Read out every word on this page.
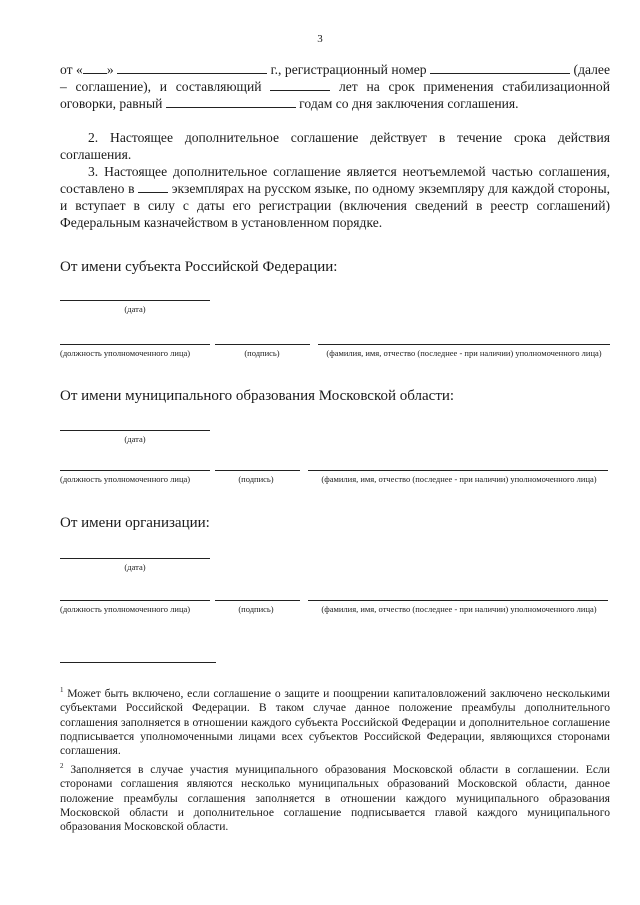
3

от « »	г., регистрационный номер	(далее – соглашение), и составляющий	лет на срок применения стабилизационной оговорки, равный	годам со дня заключения соглашения.

2. Настоящее дополнительное соглашение действует в течение срока действия соглашения.

3. Настоящее дополнительное соглашение является неотъемлемой частью соглашения, составлено в	экземплярах на русском языке, по одному экземпляру для каждой стороны, и вступает в силу с даты его регистрации (включения сведений в реестр соглашений) Федеральным казначейством в установленном порядке.

От имени субъекта Российской Федерации:

(дата)

(должность уполномоченного лица)	(подпись)	(фамилия, имя, отчество (последнее - при наличии) уполномоченного лица)

От имени муниципального образования Московской области:

(дата)

(должность уполномоченного лица)	(подпись)	(фамилия, имя, отчество (последнее - при наличии) уполномоченного лица)

От имени организации:

(дата)

(должность уполномоченного лица)	(подпись)	(фамилия, имя, отчество (последнее - при наличии) уполномоченного лица)

$^1$ Может быть включено, если соглашение о защите и поощрении капиталовложений заключено несколькими субъектами Российской Федерации. В таком случае данное положение преамбулы дополнительного соглашения заполняется в отношении каждого субъекта Российской Федерации и дополнительное соглашение подписывается уполномоченными лицами всех субъектов Российской Федерации, являющихся сторонами соглашения.

$^2$ Заполняется в случае участия муниципального образования Московской области в соглашении. Если сторонами соглашения являются несколько муниципальных образований Московской области, данное положение преамбулы соглашения заполняется в отношении каждого муниципального образования Московской области и дополнительное соглашение подписывается главой каждого муниципального образования Московской области.
